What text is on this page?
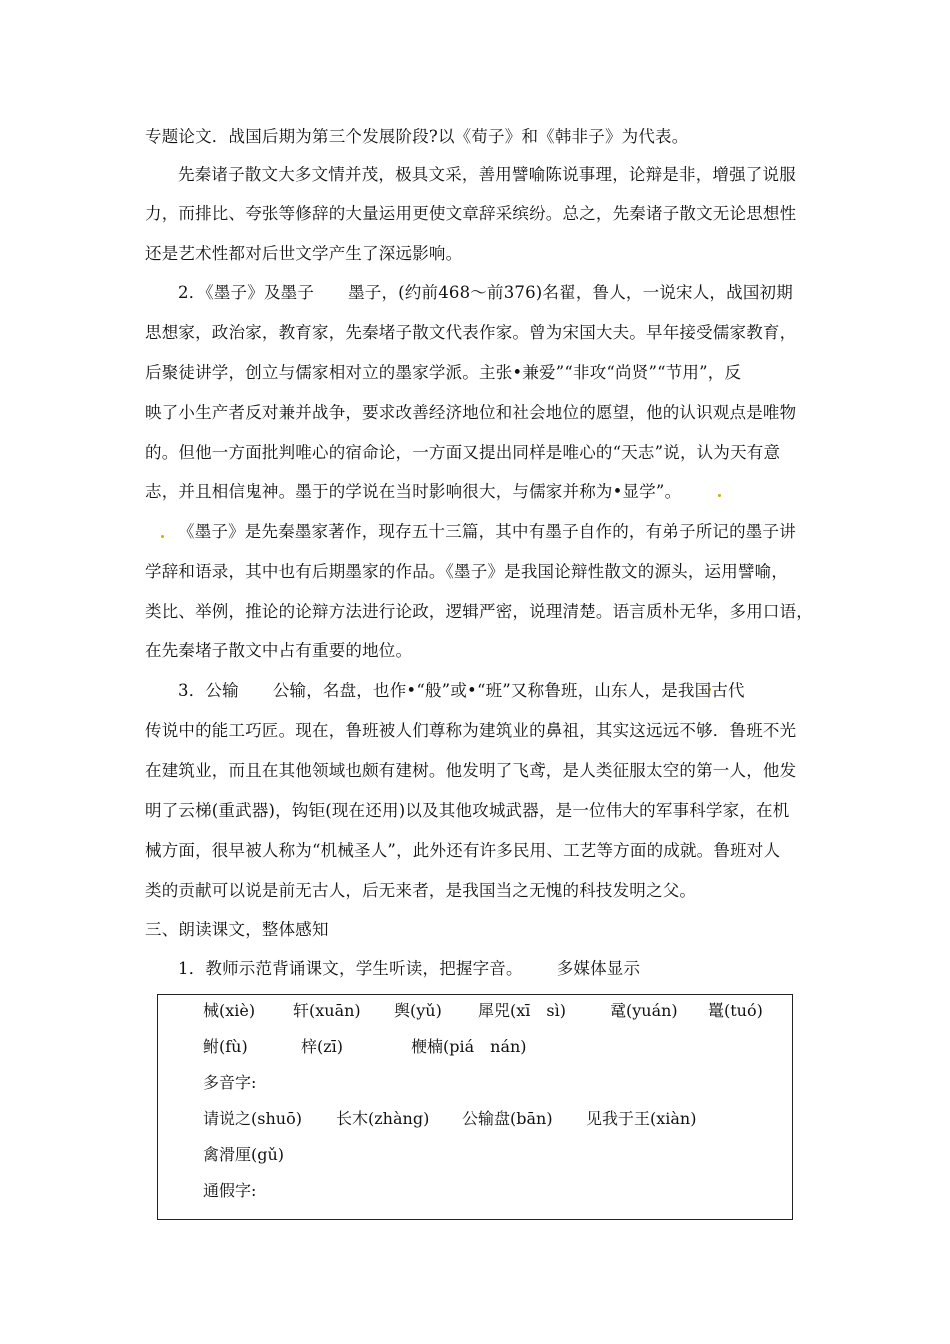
专题论文．战国后期为第三个发展阶段?以《荀子》和《韩非子》为代表。
先秦诸子散文大多文情并茂，极具文采，善用譬喻陈说事理，论辩是非，增强了说服
力，而排比、夸张等修辞的大量运用更使文章辞采缤纷。总之，先秦诸子散文无论思想性
还是艺术性都对后世文学产生了深远影响。
2．《墨子》及墨子 墨子，(约前468～前376)名翟，鲁人，一说宋人，战国初期
思想家，政治家，教育家，先秦堵子散文代表作家。曾为宋国大夫。早年接受儒家教育，
后聚徒讲学，创立与儒家相对立的墨家学派。主张•兼爱”“非攻“尚贤”“节用”，反
映了小生产者反对兼并战争，要求改善经济地位和社会地位的愿望，他的认识观点是唯物
的。但他一方面批判唯心的宿命论，一方面又提出同样是唯心的“天志”说，认为天有意
志，并且相信鬼神。墨于的学说在当时影响很大，与儒家并称为•显学”。
《墨子》是先秦墨家著作，现存五十三篇，其中有墨子自作的，有弟子所记的墨子讲
学辞和语录，其中也有后期墨家的作品。《墨子》是我国论辩性散文的源头，运用譬喻，
类比、举例，推论的论辩方法进行论政，逻辑严密，说理清楚。语言质朴无华，多用口语，
在先秦堵子散文中占有重要的地位。
3．公输 公输，名盘，也作•“般”或•“班”又称鲁班，山东人，是我国古代
传说中的能工巧匠。现在，鲁班被人们尊称为建筑业的鼻祖，其实这远远不够．鲁班不光
在建筑业，而且在其他领域也颇有建树。他发明了飞鸢，是人类征服太空的第一人，他发
明了云梯(重武器)，钩钜(现在还用)以及其他攻城武器，是一位伟大的军事科学家，在机
械方面，很早被人称为“机械圣人”，此外还有许多民用、工艺等方面的成就。鲁班对人
类的贡献可以说是前无古人，后无来者，是我国当之无愧的科技发明之父。
三、朗读课文，整体感知
1．教师示范背诵课文，学生听读，把握字音。 多媒体显示
械(xiè) 轩(xuān) 舆(yǔ) 犀兕(xī　sì)	鼋(yuán) 鼍(tuó)
鲋(fù)	梓(zī)	楩楠(piá　nán)
多音字:
请说之(shuō) 长木(zhàng) 公输盘(bān) 见我于王(xiàn)
禽滑厘(gǔ)
通假字:
